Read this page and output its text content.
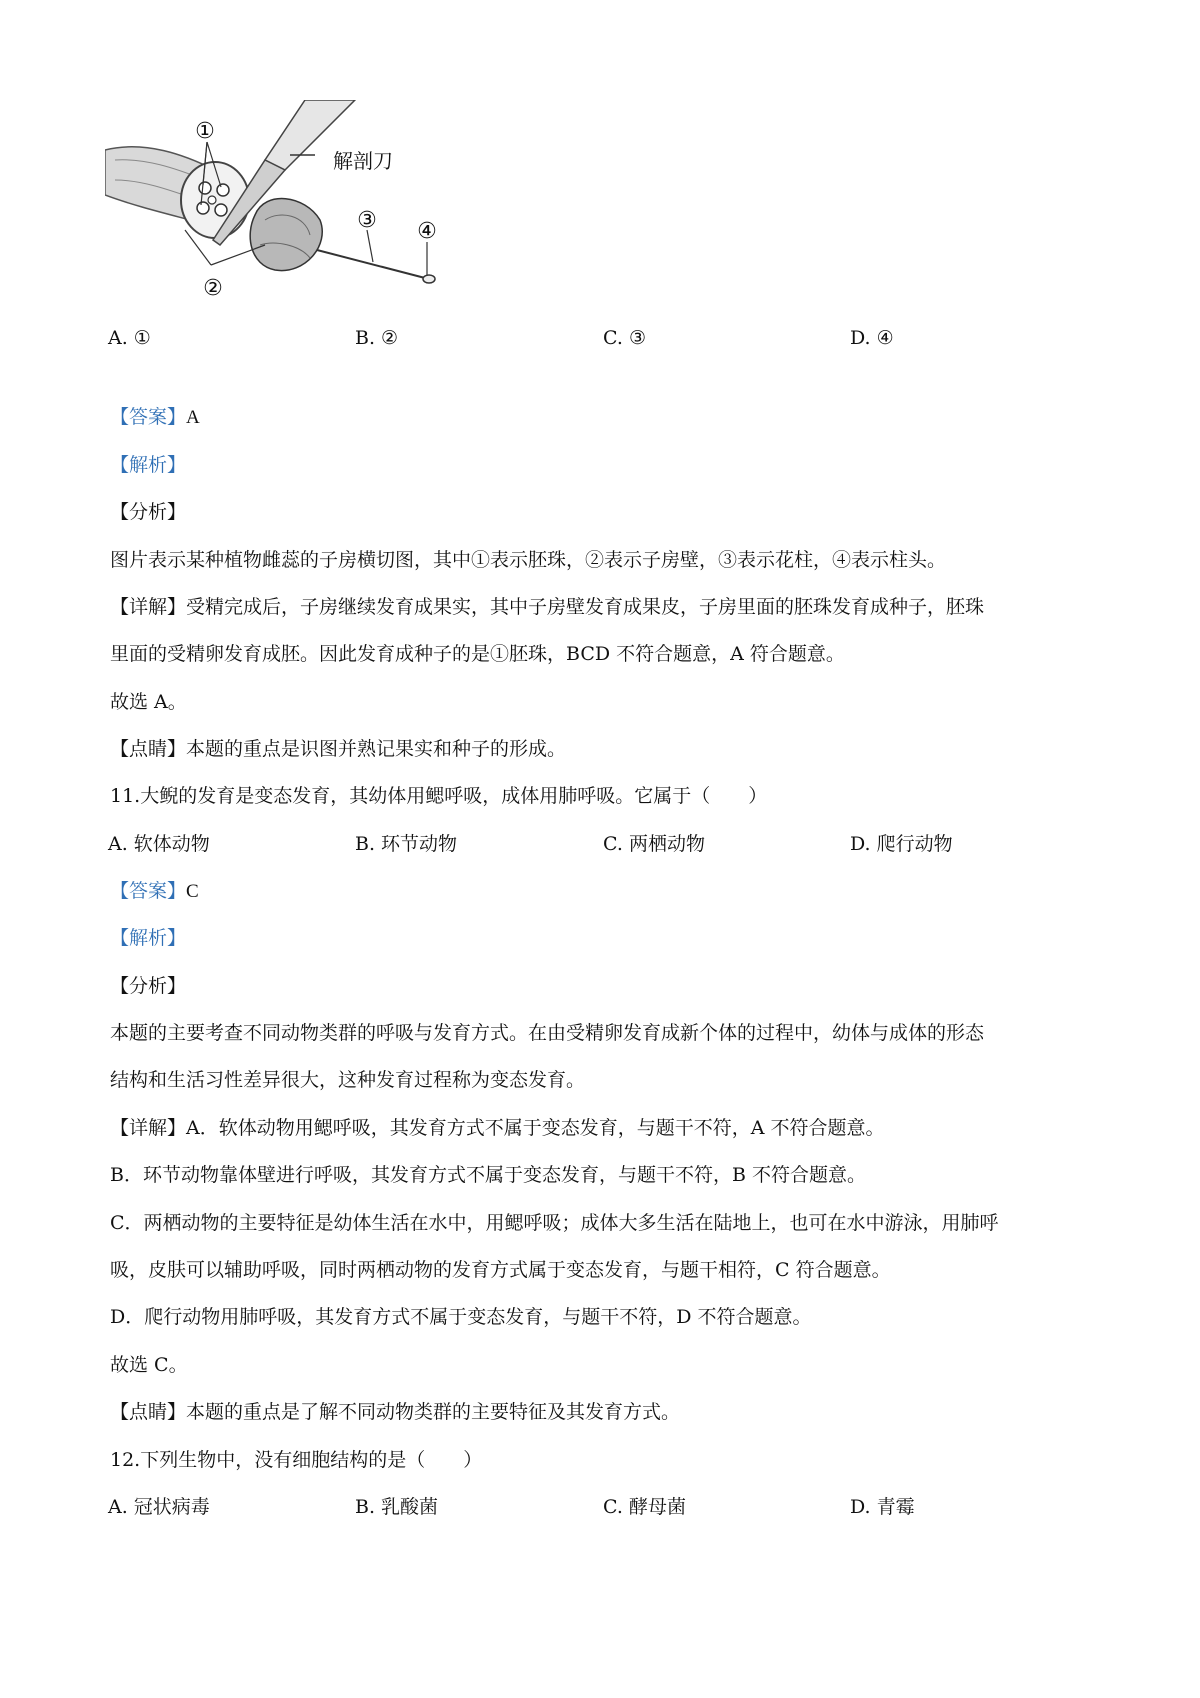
①
②
③ ④
解剖刀
A. ①	B. ②	C. ③	D. ④
【答案】A
【解析】
【分析】
图片表示某种植物雌蕊的子房横切图，其中①表示胚珠，②表示子房壁，③表示花柱，④表示柱头。
【详解】受精完成后，子房继续发育成果实，其中子房壁发育成果皮，子房里面的胚珠发育成种子，胚珠
里面的受精卵发育成胚。因此发育成种子的是①胚珠，BCD 不符合题意，A 符合题意。
故选 A。
【点睛】本题的重点是识图并熟记果实和种子的形成。
11.大鲵的发育是变态发育，其幼体用鳃呼吸，成体用肺呼吸。它属于（　　）
A. 软体动物	B. 环节动物	C. 两栖动物	D. 爬行动物
【答案】C
【解析】
【分析】
本题的主要考查不同动物类群的呼吸与发育方式。在由受精卵发育成新个体的过程中，幼体与成体的形态
结构和生活习性差异很大，这种发育过程称为变态发育。
【详解】A．软体动物用鳃呼吸，其发育方式不属于变态发育，与题干不符，A 不符合题意。
B．环节动物靠体壁进行呼吸，其发育方式不属于变态发育，与题干不符，B 不符合题意。
C．两栖动物的主要特征是幼体生活在水中，用鳃呼吸；成体大多生活在陆地上，也可在水中游泳，用肺呼
吸，皮肤可以辅助呼吸，同时两栖动物的发育方式属于变态发育，与题干相符，C 符合题意。
D．爬行动物用肺呼吸，其发育方式不属于变态发育，与题干不符，D 不符合题意。
故选 C。
【点睛】本题的重点是了解不同动物类群的主要特征及其发育方式。
12.下列生物中，没有细胞结构的是（　　）
A. 冠状病毒	B. 乳酸菌	C. 酵母菌	D. 青霉
